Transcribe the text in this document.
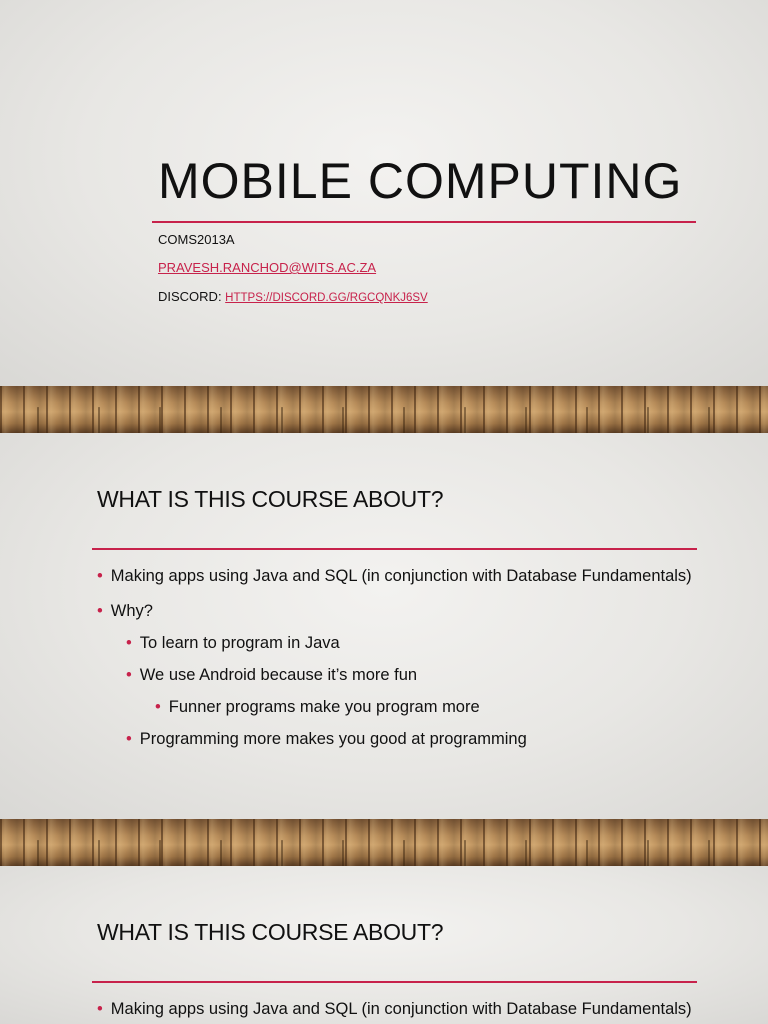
MOBILE COMPUTING

COMS2013A

PRAVESH.RANCHOD@WITS.AC.ZA

DISCORD: HTTPS://DISCORD.GG/RGCQNKJ6SV

WHAT IS THIS COURSE ABOUT?
• Making apps using Java and SQL (in conjunction with Database Fundamentals)
• Why?
• To learn to program in Java
• We use Android because it’s more fun
• Funner programs make you program more
• Programming more makes you good at programming
WHAT IS THIS COURSE ABOUT?
• Making apps using Java and SQL (in conjunction with Database Fundamentals)
